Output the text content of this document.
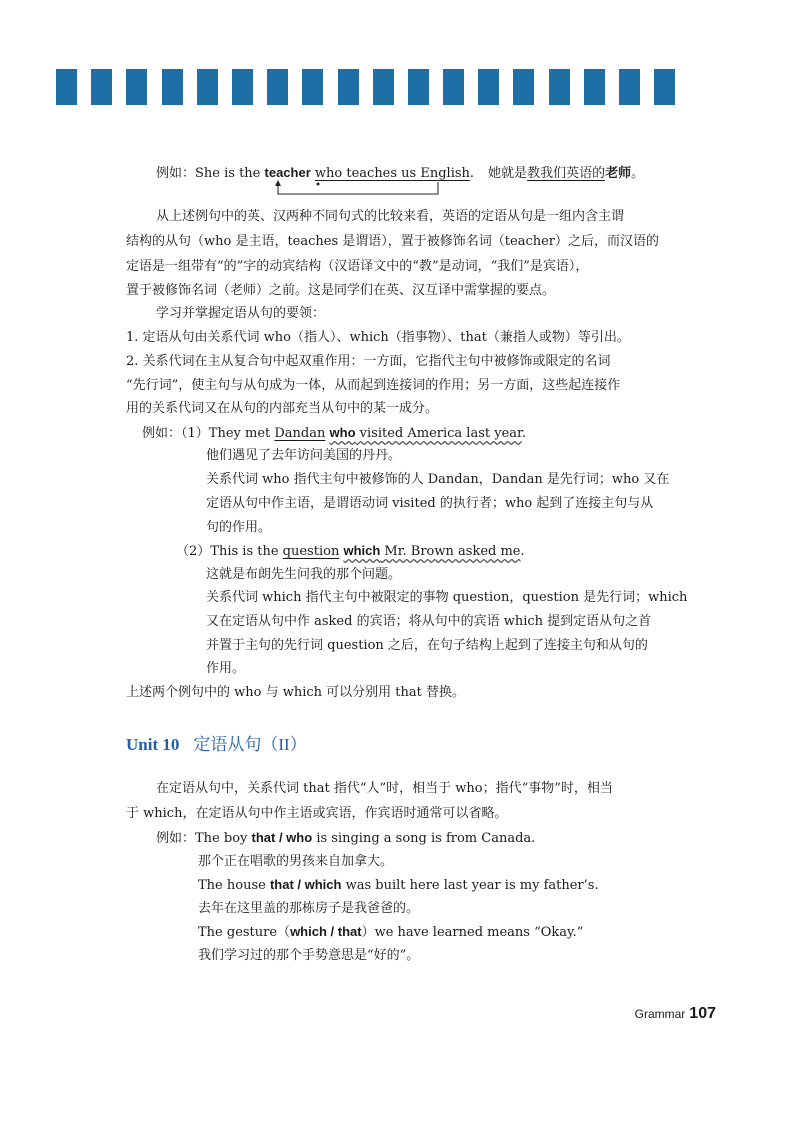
例如：She is the teacher who teaches us English. 她就是教我们英语的老师。
从上述例句中的英、汉两种不同句式的比较来看，英语的定语从句是一组内含主谓
结构的从句（who 是主语，teaches 是谓语），置于被修饰名词（teacher）之后，而汉语的
定语是一组带有“的”字的动宾结构（汉语译文中的“教”是动词，“我们”是宾语），
置于被修饰名词（老师）之前。这是同学们在英、汉互译中需掌握的要点。
学习并掌握定语从句的要领：
1. 定语从句由关系代词 who（指人）、which（指事物）、that（兼指人或物）等引出。
2. 关系代词在主从复合句中起双重作用：一方面，它指代主句中被修饰或限定的名词
“先行词”，使主句与从句成为一体，从而起到连接词的作用；另一方面，这些起连接作
用的关系代词又在从句的内部充当从句中的某一成分。
例如：（1）They met Dandan who visited America last year.
他们遇见了去年访问美国的丹丹。
关系代词 who 指代主句中被修饰的人 Dandan，Dandan 是先行词；who 又在
定语从句中作主语，是谓语动词 visited 的执行者；who 起到了连接主句与从
句的作用。
（2）This is the question which Mr. Brown asked me.
这就是布朗先生问我的那个问题。
关系代词 which 指代主句中被限定的事物 question，question 是先行词；which
又在定语从句中作 asked 的宾语；将从句中的宾语 which 提到定语从句之首
并置于主句的先行词 question 之后，在句子结构上起到了连接主句和从句的
作用。
上述两个例句中的 who 与 which 可以分别用 that 替换。
Unit 10 定语从句（II）
在定语从句中，关系代词 that 指代“人”时，相当于 who；指代“事物”时，相当
于 which，在定语从句中作主语或宾语，作宾语时通常可以省略。
例如：The boy that / who is singing a song is from Canada.
那个正在唱歌的男孩来自加拿大。
The house that / which was built here last year is my father’s.
去年在这里盖的那栋房子是我爸爸的。
The gesture（which / that）we have learned means “Okay.”
我们学习过的那个手势意思是“好的”。
Grammar 107
